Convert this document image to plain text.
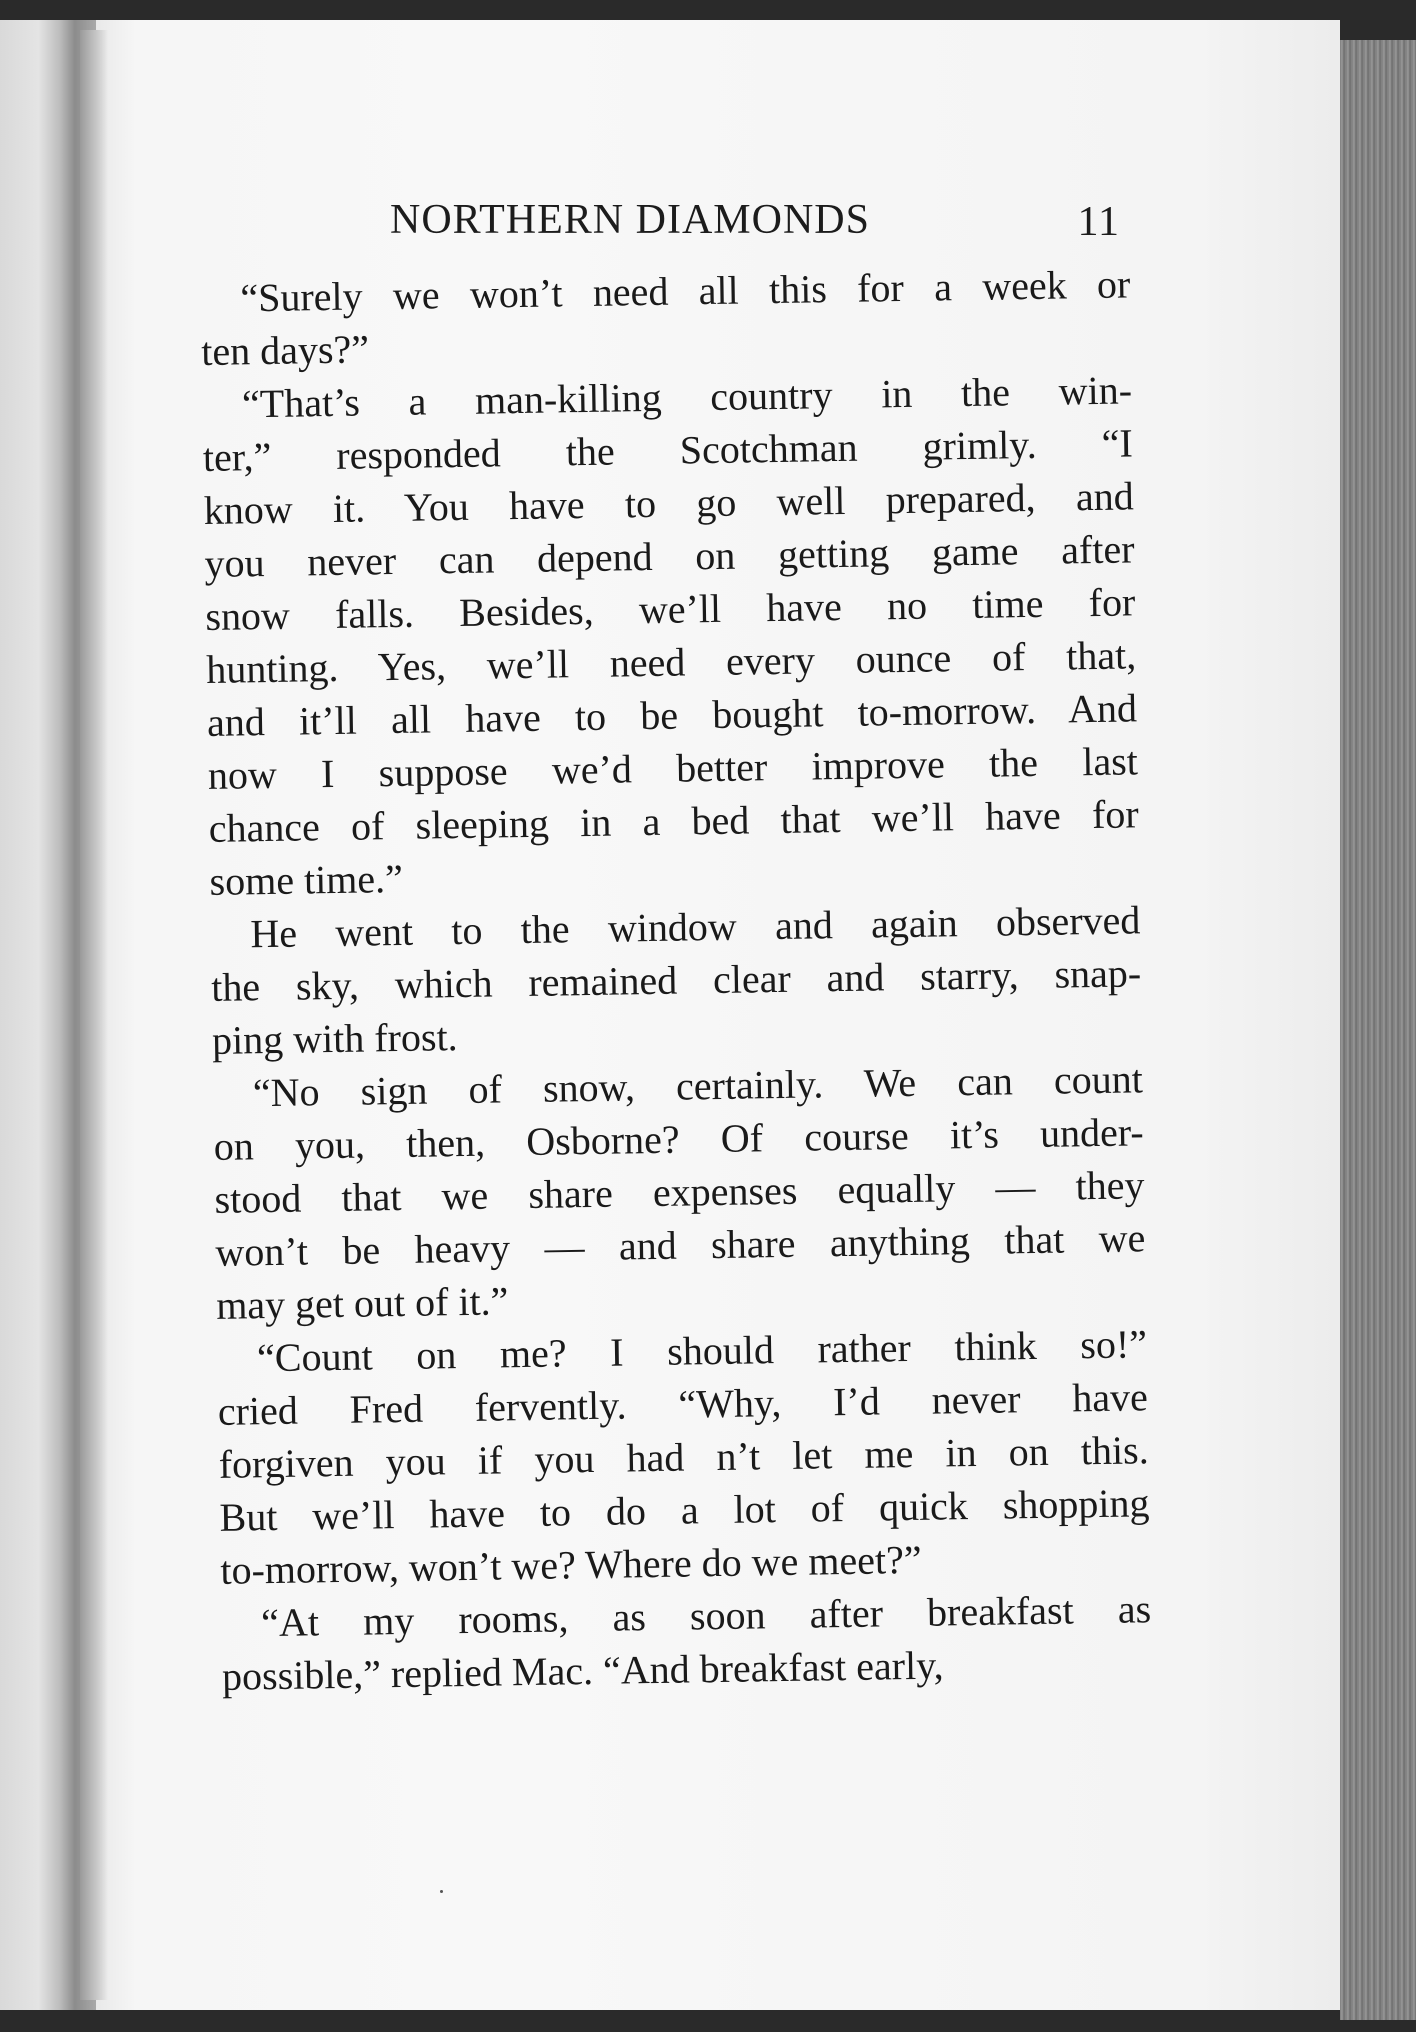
NORTHERN DIAMONDS	11
“Surely we won’t need all this for a week or
ten days?”
“That’s a man-killing country in the win-
ter,” responded the Scotchman grimly. “I
know it. You have to go well prepared, and
you never can depend on getting game after
snow falls. Besides, we’ll have no time for
hunting. Yes, we’ll need every ounce of that,
and it’ll all have to be bought to-morrow. And
now I suppose we’d better improve the last
chance of sleeping in a bed that we’ll have for
some time.”
He went to the window and again observed
the sky, which remained clear and starry, snap-
ping with frost.
“No sign of snow, certainly. We can count
on you, then, Osborne? Of course it’s under-
stood that we share expenses equally — they
won’t be heavy — and share anything that we
may get out of it.”
“Count on me? I should rather think so!”
cried Fred fervently. “Why, I’d never have
forgiven you if you had n’t let me in on this.
But we’ll have to do a lot of quick shopping
to-morrow, won’t we? Where do we meet?”
“At my rooms, as soon after breakfast as
possible,” replied Mac. “And breakfast early,
